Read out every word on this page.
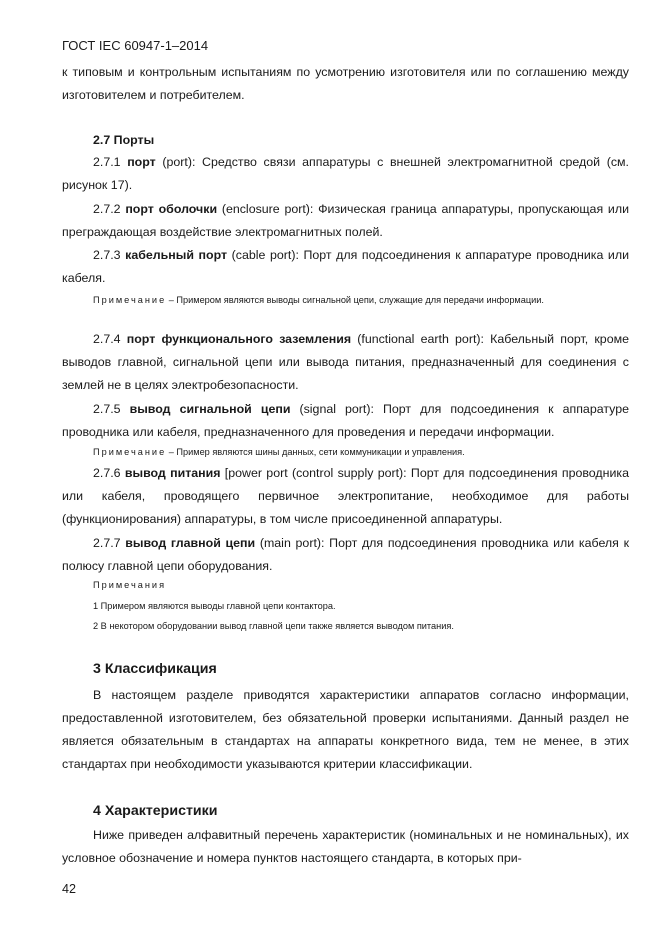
ГОСТ IEC 60947-1–2014

к типовым и контрольным испытаниям по усмотрению изготовителя или по соглашению между изготовителем и потребителем.

2.7 Порты

2.7.1 порт (port): Средство связи аппаратуры с внешней электромагнитной средой (см. рисунок 17).

2.7.2 порт оболочки (enclosure port): Физическая граница аппаратуры, пропускающая или преграждающая воздействие электромагнитных полей.

2.7.3 кабельный порт (cable port): Порт для подсоединения к аппаратуре проводника или кабеля.

Примечание – Примером являются выводы сигнальной цепи, служащие для передачи информации.

2.7.4 порт функционального заземления (functional earth port): Кабельный порт, кроме выводов главной, сигнальной цепи или вывода питания, предназначенный для соединения с землей не в целях электробезопасности.

2.7.5 вывод сигнальной цепи (signal port): Порт для подсоединения к аппаратуре проводника или кабеля, предназначенного для проведения и передачи информации.

Примечание – Пример являются шины данных, сети коммуникации и управления.

2.7.6 вывод питания [power port (control supply port): Порт для подсоединения проводника или кабеля, проводящего первичное электропитание, необходимое для работы (функционирования) аппаратуры, в том числе присоединенной аппаратуры.

2.7.7 вывод главной цепи (main port): Порт для подсоединения проводника или кабеля к полюсу главной цепи оборудования.

Примечания

1 Примером являются выводы главной цепи контактора.

2 В некотором оборудовании вывод главной цепи также является выводом питания.

3 Классификация

В настоящем разделе приводятся характеристики аппаратов согласно информации, предоставленной изготовителем, без обязательной проверки испытаниями. Данный раздел не является обязательным в стандартах на аппараты конкретного вида, тем не менее, в этих стандартах при необходимости указываются критерии классификации.

4 Характеристики

Ниже приведен алфавитный перечень характеристик (номинальных и не номинальных), их условное обозначение и номера пунктов настоящего стандарта, в которых при-

42
